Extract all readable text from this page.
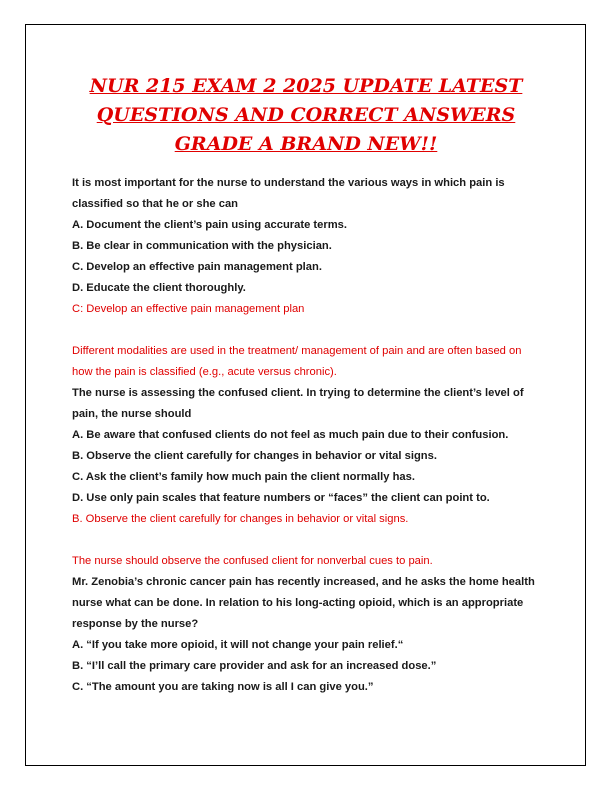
NUR 215 EXAM 2 2025 UPDATE LATEST
QUESTIONS AND CORRECT ANSWERS
GRADE A BRAND NEW!!

It is most important for the nurse to understand the various ways in which pain is classified so that he or she can

A. Document the client’s pain using accurate terms.

B. Be clear in communication with the physician.

C. Develop an effective pain management plan.

D. Educate the client thoroughly.

C: Develop an effective pain management plan

Different modalities are used in the treatment/ management of pain and are often based on how the pain is classified (e.g., acute versus chronic).

The nurse is assessing the confused client. In trying to determine the client’s level of pain, the nurse should

A. Be aware that confused clients do not feel as much pain due to their confusion.

B. Observe the client carefully for changes in behavior or vital signs.

C. Ask the client’s family how much pain the client normally has.

D. Use only pain scales that feature numbers or “faces” the client can point to.

B. Observe the client carefully for changes in behavior or vital signs.

The nurse should observe the confused client for nonverbal cues to pain.

Mr. Zenobia’s chronic cancer pain has recently increased, and he asks the home health nurse what can be done. In relation to his long-acting opioid, which is an appropriate response by the nurse?

A. “If you take more opioid, it will not change your pain relief.“

B. “I’ll call the primary care provider and ask for an increased dose.”

C. “The amount you are taking now is all I can give you.”
